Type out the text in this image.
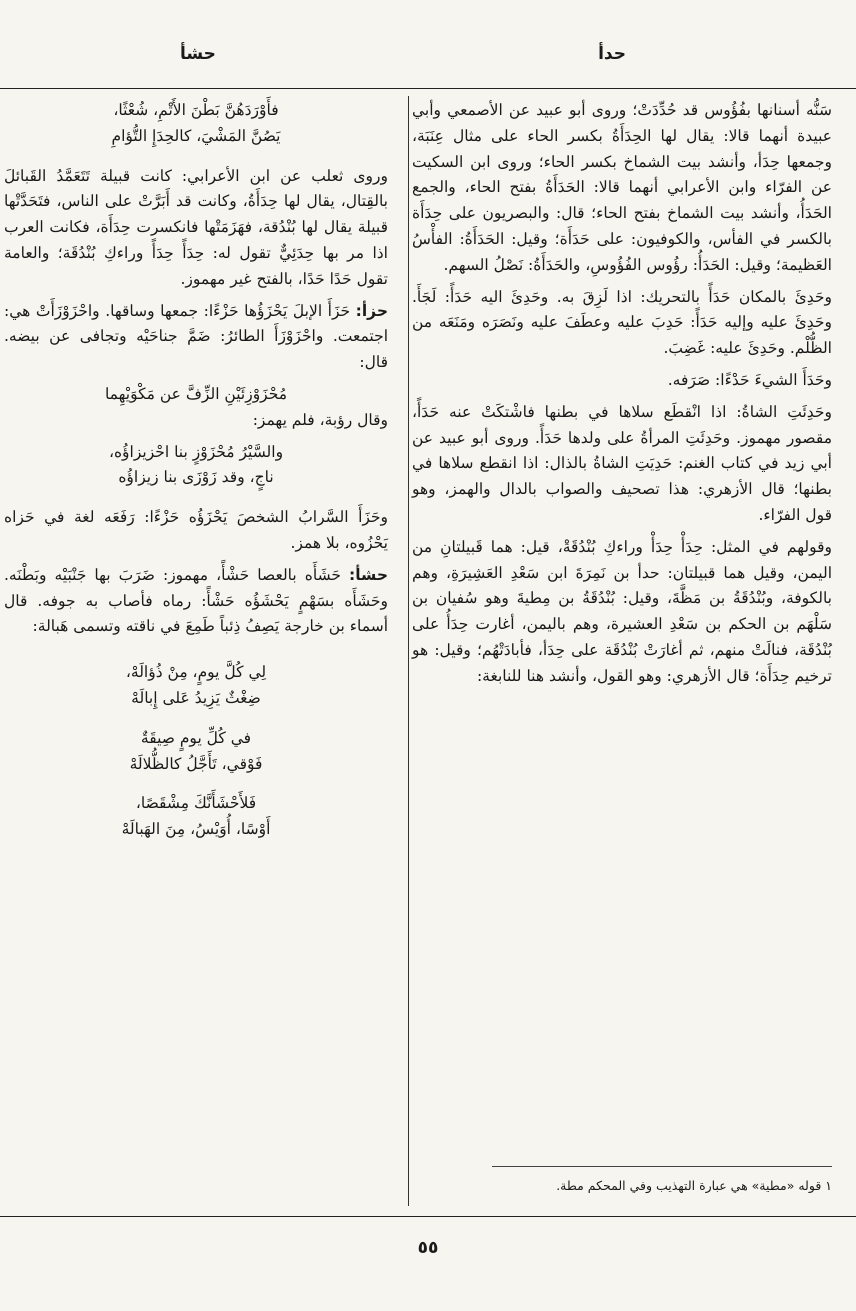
حدأ
حشأ

سَنُّه أسنانها بفُؤُوس قد حُدِّدَتْ؛ وروى أبو عبيد عن الأصمعي وأبي عبيدة أنهما قالا: يقال لها الحِدَأَةُ بكسر الحاء على مثال عِنَبَة، وجمعها حِدَأ، وأنشد بيت الشماخ بكسر الحاء؛ وروى ابن السكيت عن الفرّاء وابن الأعرابي أنهما قالا: الحَدَأَةُ بفتح الحاء، والجمع الحَدَأُ، وأنشد بيت الشماخ بفتح الحاء؛ قال: والبصريون على حِدَأَة بالكسر في الفأس، والكوفيون: على حَدَأَة؛ وقيل: الحَدَأَةُ: الفأْسُ العَظيمة؛ وقيل: الحَدَأُ: رؤُوس الفُؤُوسِ، والحَدَأَةُ: نَصْلُ السهم.

وحَدِئَ بالمكان حَدَأً بالتحريك: اذا لَزِقَ به. وحَدِئَ اليه حَدَأً: لَجَأَ. وحَدِئَ عليه وإليه حَدَأً: حَدِبَ عليه وعطَفَ عليه ونَصَرَه ومَنَعَه من الظُّلْم. وحَدِئَ عليه: غَضِبَ.

وحَدَأَ الشيءَ حَدْءًا: صَرَفه.

وحَدِئَتِ الشاةُ: اذا انْقطَع سلاها في بطنها فاشْتكَتْ عنه حَدَأً، مقصور مهموز. وحَدِئَتِ المرأةُ على ولدها حَدَأً. وروى أبو عبيد عن أبي زيد في كتاب الغنم: حَدِيَتِ الشاةُ بالذال: اذا انقطع سلاها في بطنها؛ قال الأزهري: هذا تصحيف والصواب بالدال والهمز، وهو قول الفرّاء.

وقولهم في المثل: حِدَأْ حِدَأْ وراءكِ بُنْدُقَةْ، قيل: هما قَبيلتانِ من اليمن، وقيل هما قبيلتان: حدأ بن نَمِرَةَ ابن سَعْدِ العَشِيرَةِ، وهم بالكوفة، وبُنْدُقَةُ بن مَظَّةَ، وقيل: بُنْدُقَةُ بن مِطيةَ وهو سُفيان بن سَلْهَم بن الحكم بن سَعْدِ العشيرة، وهم باليمن، أغارت حِدَأُ على بُنْدُقَة، فنالَتْ منهم، ثم أغارَتْ بُنْدُقَة على حِدَأ، فأبادَتْهُم؛ وقيل: هو ترخيم حِدَأَة؛ قال الأزهري: وهو القول، وأنشد هنا للنابغة:

فأَوْرَدَهُنَّ بَطْنَ الأَتْمِ، شُعْثًا،

يَصُنَّ المَشْيَ، كالحِدَإِ التُّؤامِ

وروى ثعلب عن ابن الأعرابي: كانت قبيلة تَتَعَمَّدُ القَبائلَ بالقِتال، يقال لها حِدَأَةُ، وكانت قد أَبَرَّتْ على الناس، فتَحَدَّتْها قبيلة يقال لها بُنْدُقة، فهَزَمَتْها فانكسرت حِدَأَة، فكانت العرب اذا مر بها حِدَئِيٌّ تقول له: حِدَأً حِدَأً وراءكِ بُنْدُقَة؛ والعامة تقول حَدًا حَدًا، بالفتح غير مهموز.

حزأ: حَزَأَ الإبلَ يَحْزَؤُها حَزْءًا: جمعها وساقها. واحْزَوْزَأَتْ هي: اجتمعت. واحْزَوْزَأَ الطائرُ: ضَمَّ جناحَيْه وتجافى عن بيضه. قال:

مُحْزَوْزِئَيْنِ الزِّفَّ عن مَكْوَيْهِما

وقال رؤبة، فلم يهمز:

والسَّيْرُ مُحْزَوْزٍ بنا احْزيزاؤُه،

ناجٍ، وقد زَوْزَى بنا زيزاؤُه

وحَزَأَ السَّرابُ الشخصَ يَحْزَؤُه حَزْءًا: رَفَعَه لغة في حَزاه يَحْزُوه، بلا همز.

حشأ: حَشَأَه بالعصا حَشْأً، مهموز: ضَرَبَ بها جَنْبَيْه وبَطْنَه. وحَشَأَه بسَهْمٍ يَحْشَؤُه حَشْأً: رماه فأصاب به جوفه. قال أسماء بن خارجة يَصِفُ ذِئباً طَمِعَ في ناقته وتسمى هَبالة:

لِي كُلَّ يومٍ، مِنْ ذُؤالَهْ،

ضِغْثٌ يَزِيدُ عَلى إِبالَهْ

في كُلِّ يومٍ صِيقَةٌ

فَوْقي، تَأَجَّلُ كالظُّلالَهْ

فَلأَحْشَأَنَّكَ مِشْقَصًا،

أَوْسًا، أُوَيْسُ، مِنَ الهَبالَهْ

١ قوله «مطية» هي عبارة التهذيب وفي المحكم مطة.
٥٥
